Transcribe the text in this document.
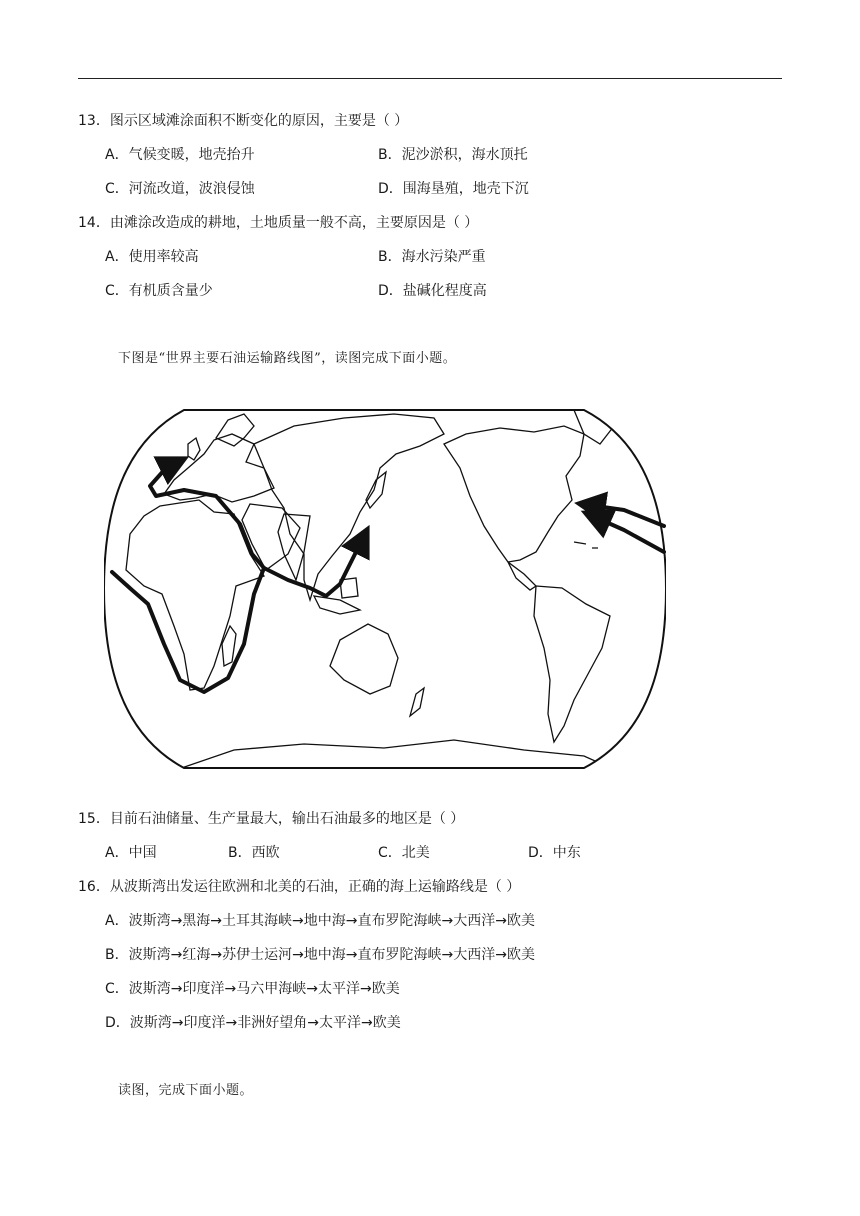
13．图示区域滩涂面积不断变化的原因，主要是（ ）
A．气候变暖，地壳抬升	B．泥沙淤积，海水顶托
C．河流改道，波浪侵蚀	D．围海垦殖，地壳下沉
14．由滩涂改造成的耕地，土地质量一般不高，主要原因是（ ）
A．使用率较高	B．海水污染严重
C．有机质含量少	D．盐碱化程度高
下图是“世界主要石油运输路线图”，读图完成下面小题。
15．目前石油储量、生产量最大，输出石油最多的地区是（ ）
A．中国	B．西欧	C．北美	D．中东
16．从波斯湾出发运往欧洲和北美的石油，正确的海上运输路线是（ ）
A．波斯湾→黑海→土耳其海峡→地中海→直布罗陀海峡→大西洋→欧美
B．波斯湾→红海→苏伊士运河→地中海→直布罗陀海峡→大西洋→欧美
C．波斯湾→印度洋→马六甲海峡→太平洋→欧美
D．波斯湾→印度洋→非洲好望角→太平洋→欧美
读图，完成下面小题。
